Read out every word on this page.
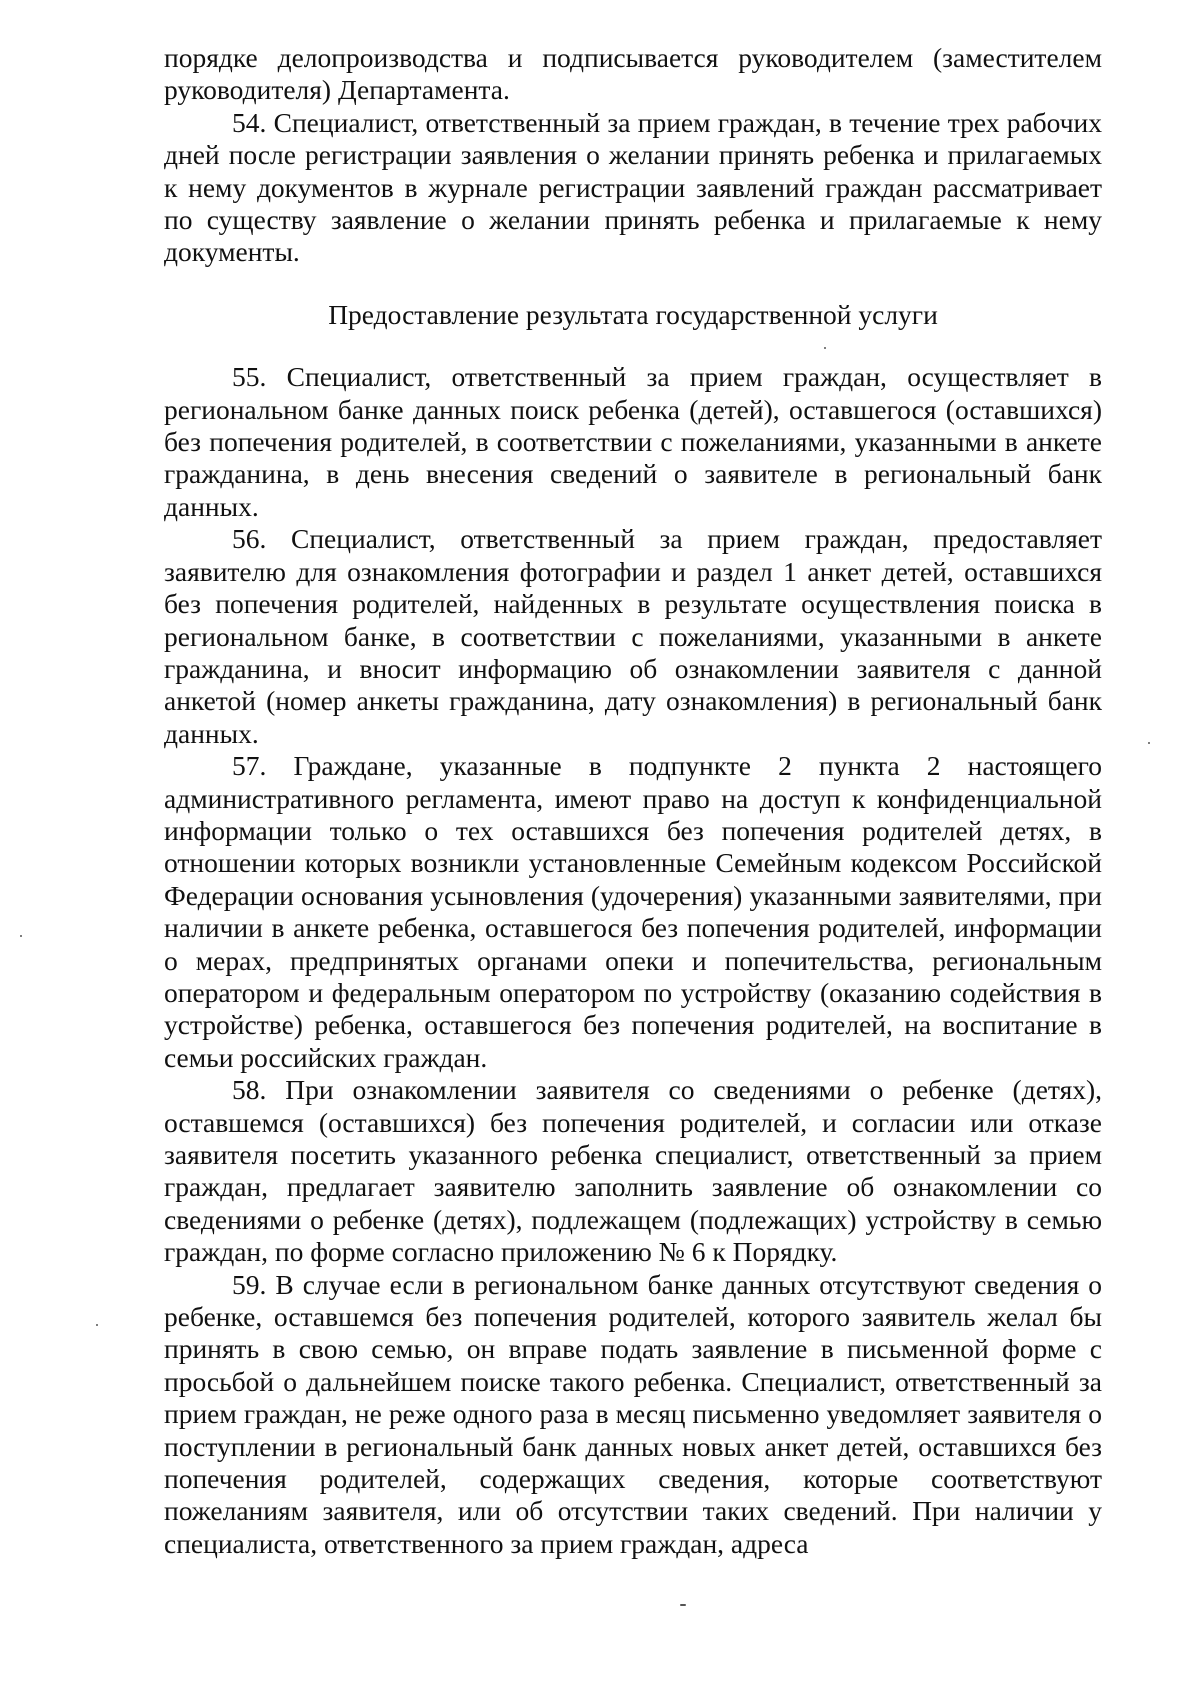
порядке делопроизводства и подписывается руководителем (заместителем руководителя) Департамента.

54. Специалист, ответственный за прием граждан, в течение трех рабочих дней после регистрации заявления о желании принять ребенка и прилагаемых к нему документов в журнале регистрации заявлений граждан рассматривает по существу заявление о желании принять ребенка и прилагаемые к нему документы.

Предоставление результата государственной услуги

55. Специалист, ответственный за прием граждан, осуществляет в региональном банке данных поиск ребенка (детей), оставшегося (оставшихся) без попечения родителей, в соответствии с пожеланиями, указанными в анкете гражданина, в день внесения сведений о заявителе в региональный банк данных.

56. Специалист, ответственный за прием граждан, предоставляет заявителю для ознакомления фотографии и раздел 1 анкет детей, оставшихся без попечения родителей, найденных в результате осуществления поиска в региональном банке, в соответствии с пожеланиями, указанными в анкете гражданина, и вносит информацию об ознакомлении заявителя с данной анкетой (номер анкеты гражданина, дату ознакомления) в региональный банк данных.

57. Граждане, указанные в подпункте 2 пункта 2 настоящего административного регламента, имеют право на доступ к конфиденциальной информации только о тех оставшихся без попечения родителей детях, в отношении которых возникли установленные Семейным кодексом Российской Федерации основания усыновления (удочерения) указанными заявителями, при наличии в анкете ребенка, оставшегося без попечения родителей, информации о мерах, предпринятых органами опеки и попечительства, региональным оператором и федеральным оператором по устройству (оказанию содействия в устройстве) ребенка, оставшегося без попечения родителей, на воспитание в семьи российских граждан.

58. При ознакомлении заявителя со сведениями о ребенке (детях), оставшемся (оставшихся) без попечения родителей, и согласии или отказе заявителя посетить указанного ребенка специалист, ответственный за прием граждан, предлагает заявителю заполнить заявление об ознакомлении со сведениями о ребенке (детях), подлежащем (подлежащих) устройству в семью граждан, по форме согласно приложению № 6 к Порядку.

59. В случае если в региональном банке данных отсутствуют сведения о ребенке, оставшемся без попечения родителей, которого заявитель желал бы принять в свою семью, он вправе подать заявление в письменной форме с просьбой о дальнейшем поиске такого ребенка. Специалист, ответственный за прием граждан, не реже одного раза в месяц письменно уведомляет заявителя о поступлении в региональный банк данных новых анкет детей, оставшихся без попечения родителей, содержащих сведения, которые соответствуют пожеланиям заявителя, или об отсутствии таких сведений. При наличии у специалиста, ответственного за прием граждан, адреса
